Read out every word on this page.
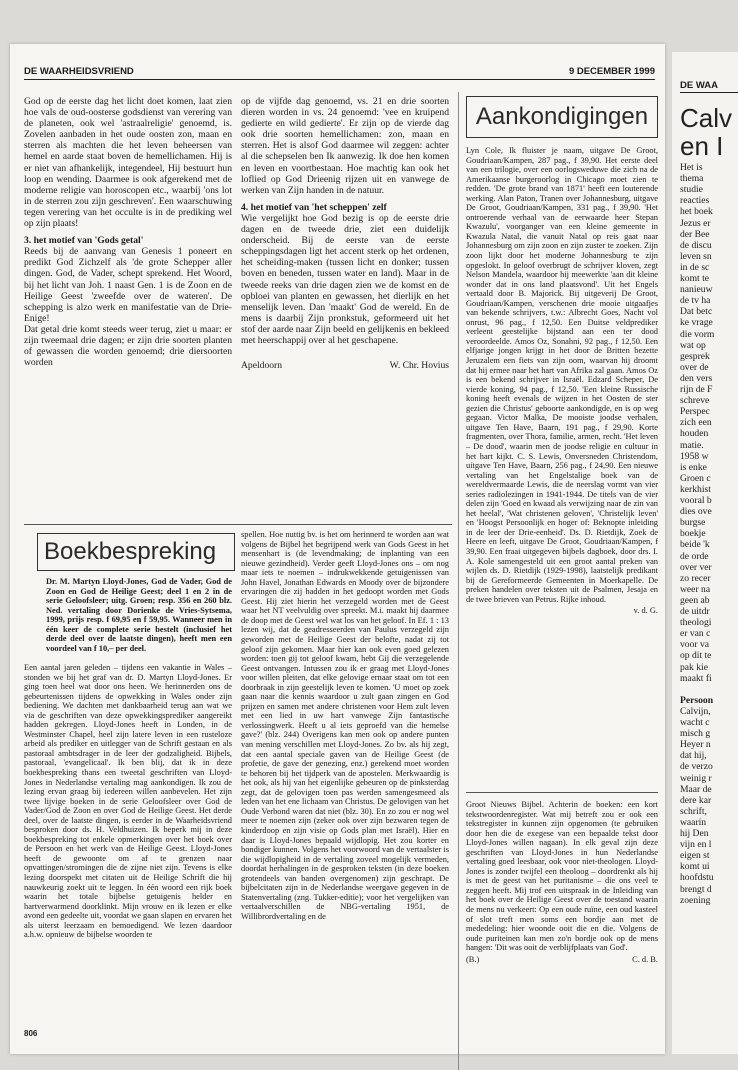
DE WAARHEIDSVRIEND	9 DECEMBER 1999

God op de eerste dag het licht doet komen, laat zien hoe vals de oud-oosterse godsdienst van verering van de planeten, ook wel 'astraalreligie' genoemd, is. Zovelen aanbaden in het oude oosten zon, maan en sterren als machten die het leven beheersen van hemel en aarde staat boven de hemellichamen. Hij is er niet van afhankelijk, integendeel, Hij bestuurt hun loop en wending. Daarmee is ook afgerekend met de moderne religie van horoscopen etc., waarbij 'ons lot in de sterren zou zijn geschreven'. Een waarschuwing tegen verering van het occulte is in de prediking wel op zijn plaats!

3. het motief van 'Gods getal'

Reeds bij de aanvang van Genesis 1 poneert en predikt God Zichzelf als 'de grote Schepper aller dingen. God, de Vader, schept sprekend. Het Woord, bij het licht van Joh. 1 naast Gen. 1 is de Zoon en de Heilige Geest 'zweefde over de wateren'. De schepping is alzo werk en manifestatie van de Drie-Enige!

Dat getal drie komt steeds weer terug, ziet u maar: er zijn tweemaal drie dagen; er zijn drie soorten planten of gewassen die worden genoemd; drie diersoorten worden

op de vijfde dag genoemd, vs. 21 en drie soorten dieren worden in vs. 24 genoemd: 'vee en kruipend gedierte en wild gedierte'. Er zijn op de vierde dag ook drie soorten hemellichamen: zon, maan en sterren. Het is alsof God daarmee wil zeggen: achter al die schepselen ben Ik aanwezig. Ik doe hen komen en leven en voortbestaan. Hoe machtig kan ook het loflied op God Drieenig rijzen uit en vanwege de werken van Zijn handen in de natuur.

4. het motief van 'het scheppen' zelf

Wie vergelijkt hoe God bezig is op de eerste drie dagen en de tweede drie, ziet een duidelijk onderscheid. Bij de eerste van de eerste scheppingsdagen ligt het accent sterk op het ordenen, het scheiding-maken (tussen licht en donker; tussen boven en beneden, tussen water en land). Maar in de tweede reeks van drie dagen zien we de komst en de opbloei van planten en gewassen, het dierlijk en het menselijk leven. Dan 'maakt' God de wereld. En de mens is daarbij Zijn pronkstuk, geformeerd uit het stof der aarde naar Zijn beeld en gelijkenis en bekleed met heerschappij over al het geschapene.

Apeldoorn	W. Chr. Hovius
Boekbespreking
Dr. M. Martyn Lloyd-Jones, God de Vader, God de Zoon en God de Heilige Geest; deel 1 en 2 in de serie Geloofsleer; uitg. Groen; resp. 356 en 260 blz. Ned. vertaling door Dorienke de Vries-Sytsema, 1999, prijs resp. f 69,95 en f 59,95. Wanneer men in één keer de complete serie bestelt (inclusief het derde deel over de laatste dingen), heeft men een voordeel van f 10,– per deel.
Een aantal jaren geleden – tijdens een vakantie in Wales – stonden we bij het graf van dr. D. Martyn Lloyd-Jones. Er ging toen heel wat door ons heen. We herinnerden ons de gebeurtenissen tijdens de opwekking in Wales onder zijn bediening. We dachten met dankbaarheid terug aan wat we via de geschriften van deze opwekkingsprediker aangereikt hadden gekregen. Lloyd-Jones heeft in Londen, in de Westminster Chapel, heel zijn latere leven in een rusteloze arbeid als prediker en uitlegger van de Schrift gestaan en als pastoraal ambtsdrager in de leer der godzaligheid. Bijbels, pastoraal, 'evangelicaal'. Ik ben blij, dat ik in deze boekbespreking thans een tweetal geschriften van Lloyd-Jones in Nederlandse vertaling mag aankondigen. Ik zou de lezing ervan graag bij iedereen willen aanbevelen. Het zijn twee lijvige boeken in de serie Geloofsleer over God de Vader/God de Zoon en over God de Heilige Geest. Het derde deel, over de laatste dingen, is eerder in de Waarheidsvriend besproken door ds. H. Veldhuizen. Ik beperk mij in deze boekbespreking tot enkele opmerkingen over het boek over de Persoon en het werk van de Heilige Geest. Lloyd-Jones heeft de gewoonte om af te grenzen naar opvattingen/stromingen die de zijne niet zijn. Tevens is elke lezing doorspekt met citaten uit de Heilige Schrift die hij nauwkeurig zoekt uit te leggen. In één woord een rijk boek waarin het totale bijbelse getuigenis helder en hartverwarmend doorklinkt. Mijn vrouw en ik lezen er elke avond een gedeelte uit, voordat we gaan slapen en ervaren het als uiterst leerzaam en bemoedigend. We lezen daardoor a.h.w. opnieuw de bijbelse woorden te
spellen. Hoe nuttig bv. is het om herinnerd te worden aan wat volgens de Bijbel het begrijpend werk van Gods Geest in het mensenhart is (de levendmaking; de inplanting van een nieuwe gezindheid). Verder geeft Lloyd-Jones ons – om nog maar iets te noemen – indrukwekkende getuigenissen van John Havel, Jonathan Edwards en Moody over de bijzondere ervaringen die zij hadden in het gedoopt worden met Gods Geest. Hij ziet hierin het verzegeld worden met de Geest waar het NT veelvuldig over spreekt. M.i. maakt hij daarmee de doop met de Geest wel wat los van het geloof. In Ef. 1 : 13 lezen wij, dat de geadresseerden van Paulus verzegeld zijn geworden met de Heilige Geest der belofte, nadat zij tot geloof zijn gekomen. Maar hier kan ook even goed gelezen worden: toen gij tot geloof kwam, hebt Gij die verzegelende Geest ontvangen. Intussen zou ik er graag met Lloyd-Jones voor willen pleiten, dat elke gelovige ernaar staat om tot een doorbraak in zijn geestelijk leven te komen. 'U moet op zoek gaan naar die kennis waardoor u zult gaan zingen en God prijzen en samen met andere christenen voor Hem zult leven met een lied in uw hart vanwege Zijn fantastische verlossingwerk. Heeft u al iets geproefd van die hemelse gave?' (blz. 244) Overigens kan men ook op andere punten van mening verschillen met Lloyd-Jones. Zo bv. als hij zegt, dat een aantal speciale gaven van de Heilige Geest (de profetie, de gave der genezing, enz.) gerekend moet worden te behoren bij het tijdperk van de apostelen. Merkwaardig is het ook, als hij van het eigenlijke gebeuren op de pinksterdag zegt, dat de gelovigen toen pas werden samengesmeed als leden van het ene lichaam van Christus. De gelovigen van het Oude Verbond waren dat niet (blz. 30). En zo zou er nog wel meer te noemen zijn (zeker ook over zijn bezwaren tegen de kinderdoop en zijn visie op Gods plan met Israël). Hier en daar is Lloyd-Jones bepaald wijdlopig. Het zou korter en bondiger kunnen. Volgens het voorwoord van de vertaalster is die wijdlopigheid in de vertaling zoveel mogelijk vermeden, doordat herhalingen in de gesproken teksten (in deze boeken grotendeels van banden overgenomen) zijn geschrapt. De bijbelcitaten zijn in de Nederlandse weergave gegeven in de Statenvertaling (zng. Tukker-editie); voor het vergelijken van vertaalverschillen de NBG-vertaling 1951, de Willibrordvertaling en de
Aankondigingen
Lyn Cole, Ik fluister je naam, uitgave De Groot, Goudriaan/Kampen, 287 pag., f 39,90. Het eerste deel van een trilogie, over een oorlogsweduwe die zich na de Amerikaanse burgeroorlog in Chicago moet zien te redden. 'De grote brand van 1871' heeft een louterende werking. Alan Paton, Tranen over Johannesburg, uitgave De Groot, Goudriaan/Kampen, 331 pag., f 39,90. 'Het ontroerende verhaal van de eerwaarde heer Stepan Kwazulu', voorganger van een kleine gemeente in Kwazula Natal, die vanuit Natal op reis gaat naar Johannesburg om zijn zoon en zijn zuster te zoeken. Zijn zoon lijkt door het moderne Johannesburg te zijn opgeslokt. In geloof overbrugt de schrijver kloven, zegt Nelson Mandela, waardoor hij meewerkte 'aan dit kleine wonder dat in ons land plaatsvond'. Uit het Engels vertaald door B. Majorick. Bij uitgeverij De Groot, Goudriaan/Kampen, verschenen drie mooie uitgaafjes van bekende schrijvers, t.w.: Albrecht Goes, Nacht vol onrust, 96 pag., f 12,50. Een Duitse veldprediker verleent geestelijke bijstand aan een ter dood veroordeelde. Amos Oz, Sonahni, 92 pag., f 12,50. Een elfjarige jongen krijgt in het door de Britten bezette Jeruzalem een fiets van zijn oom, waarvan hij droomt dat hij ermee naar het hart van Afrika zal gaan. Amos Oz is een bekend schrijver in Israël. Edzard Scheper, De vierde koning, 94 pag., f 12,50. 'Een kleine Russische koning heeft evenals de wijzen in het Oosten de ster gezien die Christus' geboorte aankondigde, en is op weg gegaan. Victor Malka, De mooiste joodse verhalen, uitgave Ten Have, Baarn, 191 pag., f 29,90. Korte fragmenten, over Thora, familie, armen, recht. 'Het leven – De dood', waarin men de joodse religie en cultuur in het hart kijkt. C. S. Lewis, Onversneden Christendom, uitgave Ten Have, Baarn, 256 pag., f 24,90. Een nieuwe vertaling van het Engelstalige boek van de wereldvermaarde Lewis, die de neerslag vormt van vier series radiolezingen in 1941-1944. De titels van de vier delen zijn 'Goed en kwaad als verwijzing naar de zin van het heelal', 'Wat christenen geloven', 'Christelijk leven' en 'Hoogst Persoonlijk en hoger of: Beknopte inleiding in de leer der Drie-eenheid'. Ds. D. Rietdijk, Zoek de Heere en leeft, uitgave De Groot, Goudriaan/Kampen, f 39,90. Een fraai uitgegeven bijbels dagboek, door drs. I. A. Kole samengesteld uit een groot aantal preken van wijlen ds. D. Rietdijk (1929-1998), laatstelijk predikant bij de Gereformeerde Gemeenten in Moerkapelle. De preken handelen over teksten uit de Psalmen, Jesaja en de twee brieven van Petrus. Rijke inhoud.
v. d. G.
Groot Nieuws Bijbel. Achterin de boeken: een kort tekstwoordenregister. Wat mij betreft zou er ook een tekstregister in kunnen zijn opgenomen (te gebruiken door hen die de exegese van een bepaalde tekst door Lloyd-Jones willen nagaan). In elk geval zijn deze geschriften van Lloyd-Jones in hun Nederlandse vertaling goed leesbaar, ook voor niet-theologen. Lloyd-Jones is zonder twijfel een theoloog – doordrenkt als hij is met de geest van het puritanisme – die ons veel te zeggen heeft. Mij trof een uitspraak in de Inleiding van het boek over de Heilige Geest over de toestand waarin de mens nu verkeert: Op een oude ruïne, een oud kasteel of slot treft men soms een bordje aan met de mededeling: hier woonde ooit die en die. Volgens de oude puriteinen kan men zo'n bordje ook op de mens hangen: 'Dit was ooit de verblijfplaats van God'.
(B.)	C. d. B.
806
DE WAA
Calv
en I
Het is
thema
studie
reacties
het boek
Jezus er
der Bee
de discu
leven sn
in de sc
komt te
nanieuw
de tv ha
Dat betc
ke vrage
die vorm
wat op
gesprek
over de
den vers
rijn de F
schreve
Perspec
zich een
houden
matie.
1958 w
is enke
Groen c
kerkhist
vooral b
dies ove
burgse
boekje
beide 'k
de orde
over ver
zo recer
weer na
geen ab
de uitdr
theologi
er van c
voor va
op dit te
pak kie
maakt fi
Persoon
Calvijn,
wacht c
misch g
Heyer n
dat hij,
de verzo
weinig r
Maar de
dere kar
schrift,
waarin
hij Den
vijn en l
eigen st
komt ui
hoofdstu
brengt d
zoening
